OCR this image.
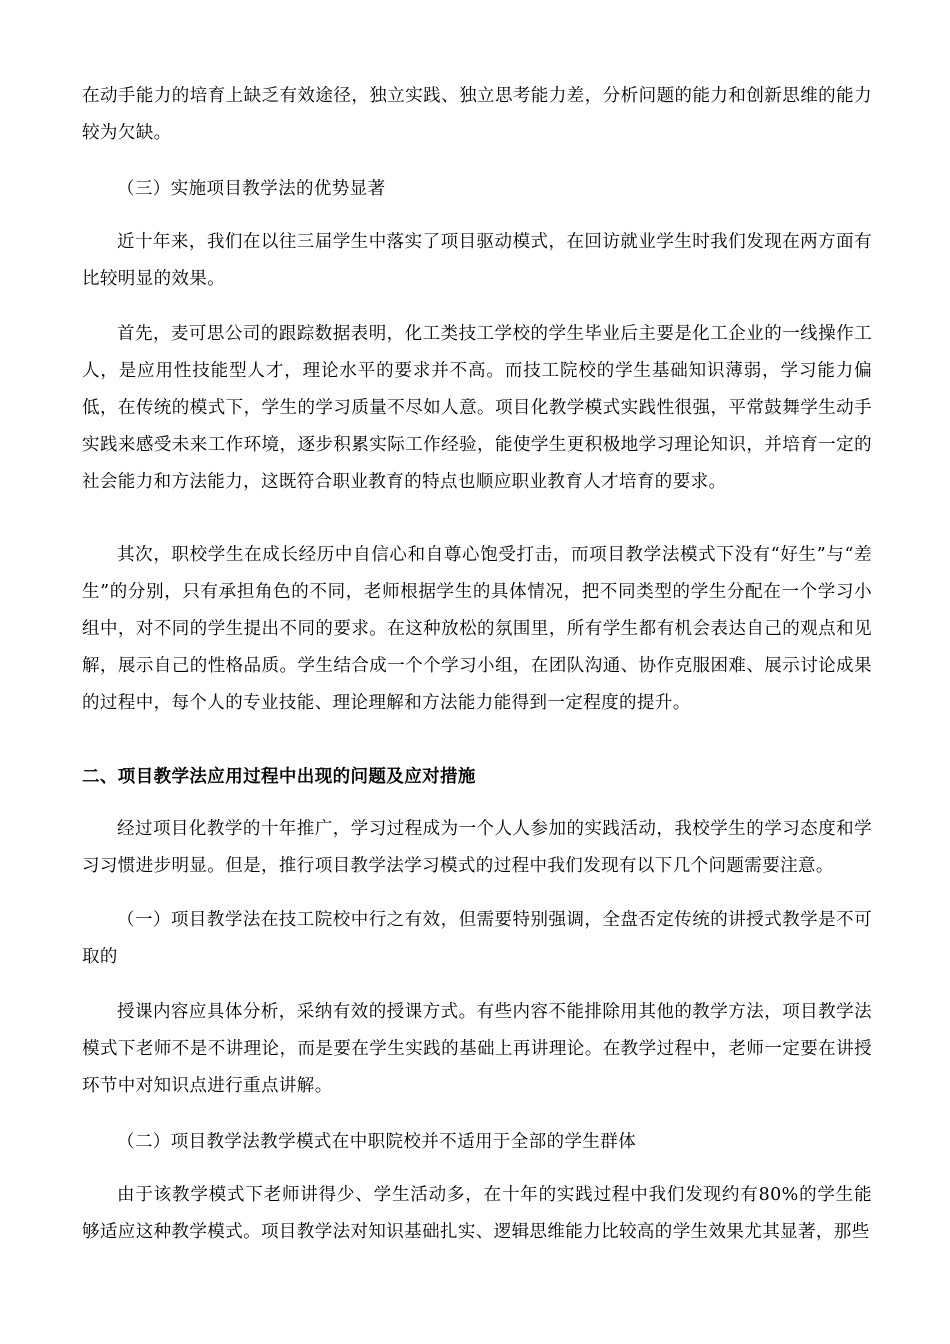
在动手能力的培育上缺乏有效途径，独立实践、独立思考能力差，分析问题的能力和创新思维的能力较为欠缺。

（三）实施项目教学法的优势显著

近十年来，我们在以往三届学生中落实了项目驱动模式，在回访就业学生时我们发现在两方面有比较明显的效果。

首先，麦可思公司的跟踪数据表明，化工类技工学校的学生毕业后主要是化工企业的一线操作工人，是应用性技能型人才，理论水平的要求并不高。而技工院校的学生基础知识薄弱，学习能力偏低，在传统的模式下，学生的学习质量不尽如人意。项目化教学模式实践性很强，平常鼓舞学生动手实践来感受未来工作环境，逐步积累实际工作经验，能使学生更积极地学习理论知识，并培育一定的社会能力和方法能力，这既符合职业教育的特点也顺应职业教育人才培育的要求。

其次，职校学生在成长经历中自信心和自尊心饱受打击，而项目教学法模式下没有“好生”与“差生”的分别，只有承担角色的不同，老师根据学生的具体情况，把不同类型的学生分配在一个学习小组中，对不同的学生提出不同的要求。在这种放松的氛围里，所有学生都有机会表达自己的观点和见解，展示自己的性格品质。学生结合成一个个学习小组，在团队沟通、协作克服困难、展示讨论成果的过程中，每个人的专业技能、理论理解和方法能力能得到一定程度的提升。

二、项目教学法应用过程中出现的问题及应对措施

经过项目化教学的十年推广，学习过程成为一个人人参加的实践活动，我校学生的学习态度和学习习惯进步明显。但是，推行项目教学法学习模式的过程中我们发现有以下几个问题需要注意。

（一）项目教学法在技工院校中行之有效，但需要特别强调，全盘否定传统的讲授式教学是不可取的

授课内容应具体分析，采纳有效的授课方式。有些内容不能排除用其他的教学方法，项目教学法模式下老师不是不讲理论，而是要在学生实践的基础上再讲理论。在教学过程中，老师一定要在讲授环节中对知识点进行重点讲解。

（二）项目教学法教学模式在中职院校并不适用于全部的学生群体

由于该教学模式下老师讲得少、学生活动多，在十年的实践过程中我们发现约有80%的学生能够适应这种教学模式。项目教学法对知识基础扎实、逻辑思维能力比较高的学生效果尤其显著，那些
